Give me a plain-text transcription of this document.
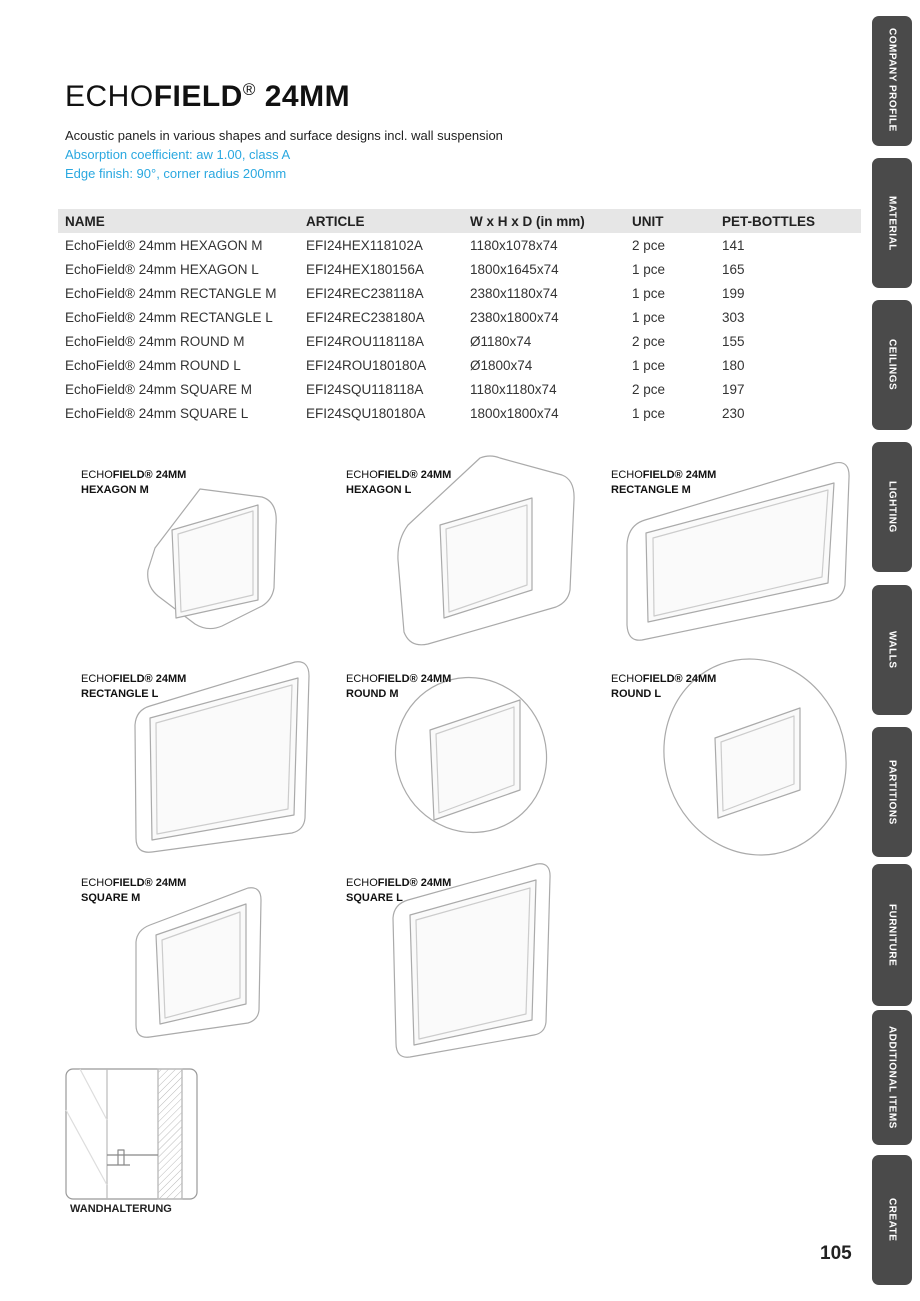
ECHOFIELD® 24MM
Acoustic panels in various shapes and surface designs incl. wall suspension
Absorption coefficient: aw 1.00, class A
Edge finish: 90°, corner radius 200mm
NAME	ARTICLE	W x H x D (in mm)	UNIT	PET-BOTTLES
EchoField® 24mm HEXAGON M	EFI24HEX118102A	1180x1078x74	2 pce	141
EchoField® 24mm HEXAGON L	EFI24HEX180156A	1800x1645x74	1 pce	165
EchoField® 24mm RECTANGLE M	EFI24REC238118A	2380x1180x74	1 pce	199
EchoField® 24mm RECTANGLE L	EFI24REC238180A	2380x1800x74	1 pce	303
EchoField® 24mm ROUND M	EFI24ROU118118A	Ø1180x74	2 pce	155
EchoField® 24mm ROUND L	EFI24ROU180180A	Ø1800x74	1 pce	180
EchoField® 24mm SQUARE M	EFI24SQU118118A	1180x1180x74	2 pce	197
EchoField® 24mm SQUARE L	EFI24SQU180180A	1800x1800x74	1 pce	230
ECHOFIELD® 24MM
HEXAGON M
ECHOFIELD® 24MM
HEXAGON L
ECHOFIELD® 24MM
RECTANGLE M
ECHOFIELD® 24MM
RECTANGLE L
ECHOFIELD® 24MM
ROUND M
ECHOFIELD® 24MM
ROUND L
ECHOFIELD® 24MM
SQUARE M
ECHOFIELD® 24MM
SQUARE L
WANDHALTERUNG
COMPANY PROFILE
MATERIAL
CEILINGS
LIGHTING
WALLS
PARTITIONS
FURNITURE
ADDITIONAL ITEMS
CREATE
105
